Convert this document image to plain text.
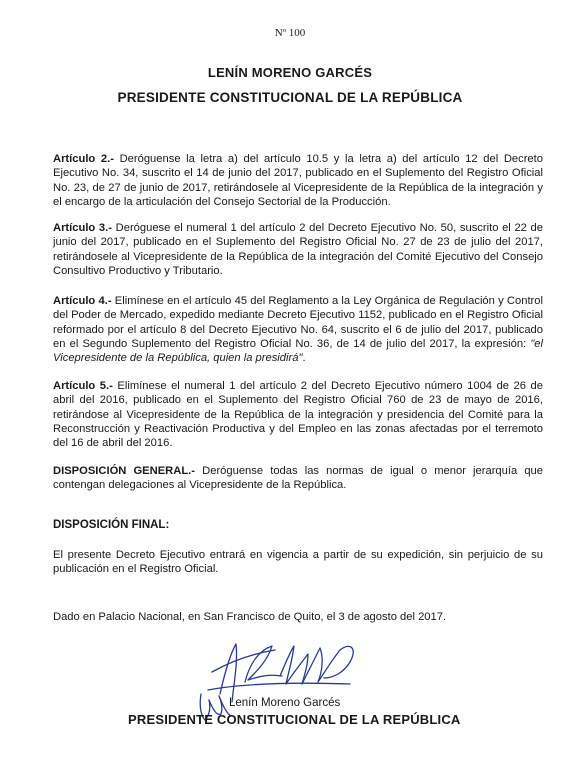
Nº 100
LENÍN MORENO GARCÉS
PRESIDENTE CONSTITUCIONAL DE LA REPÚBLICA

Artículo 2.- Deróguense la letra a) del artículo 10.5 y la letra a) del artículo 12 del Decreto Ejecutivo No. 34, suscrito el 14 de junio del 2017, publicado en el Suplemento del Registro Oficial No. 23, de 27 de junio de 2017, retirándosele al Vicepresidente de la República de la integración y el encargo de la articulación del Consejo Sectorial de la Producción.

Artículo 3.- Deróguese el numeral 1 del artículo 2 del Decreto Ejecutivo No. 50, suscrito el 22 de junio del 2017, publicado en el Suplemento del Registro Oficial No. 27 de 23 de julio del 2017, retirándosele al Vicepresidente de la República de la integración del Comité Ejecutivo del Consejo Consultivo Productivo y Tributario.

Artículo 4.- Elimínese en el artículo 45 del Reglamento a la Ley Orgánica de Regulación y Control del Poder de Mercado, expedido mediante Decreto Ejecutivo 1152, publicado en el Registro Oficial reformado por el artículo 8 del Decreto Ejecutivo No. 64, suscrito el 6 de julio del 2017, publicado en el Segundo Suplemento del Registro Oficial No. 36, de 14 de julio del 2017, la expresión: "el Vicepresidente de la República, quien la presidirá".

Artículo 5.- Elimínese el numeral 1 del artículo 2 del Decreto Ejecutivo número 1004 de 26 de abril del 2016, publicado en el Suplemento del Registro Oficial 760 de 23 de mayo de 2016, retirándose al Vicepresidente de la República de la integración y presidencia del Comité para la Reconstrucción y Reactivación Productiva y del Empleo en las zonas afectadas por el terremoto del 16 de abril del 2016.

DISPOSICIÓN GENERAL.- Deróguense todas las normas de igual o menor jerarquía que contengan delegaciones al Vicepresidente de la República.

DISPOSICIÓN FINAL:

El presente Decreto Ejecutivo entrará en vigencia a partir de su expedición, sin perjuicio de su publicación en el Registro Oficial.

Dado en Palacio Nacional, en San Francisco de Quito, el 3 de agosto del 2017.

Lenín Moreno Garcés
PRESIDENTE CONSTITUCIONAL DE LA REPÚBLICA
